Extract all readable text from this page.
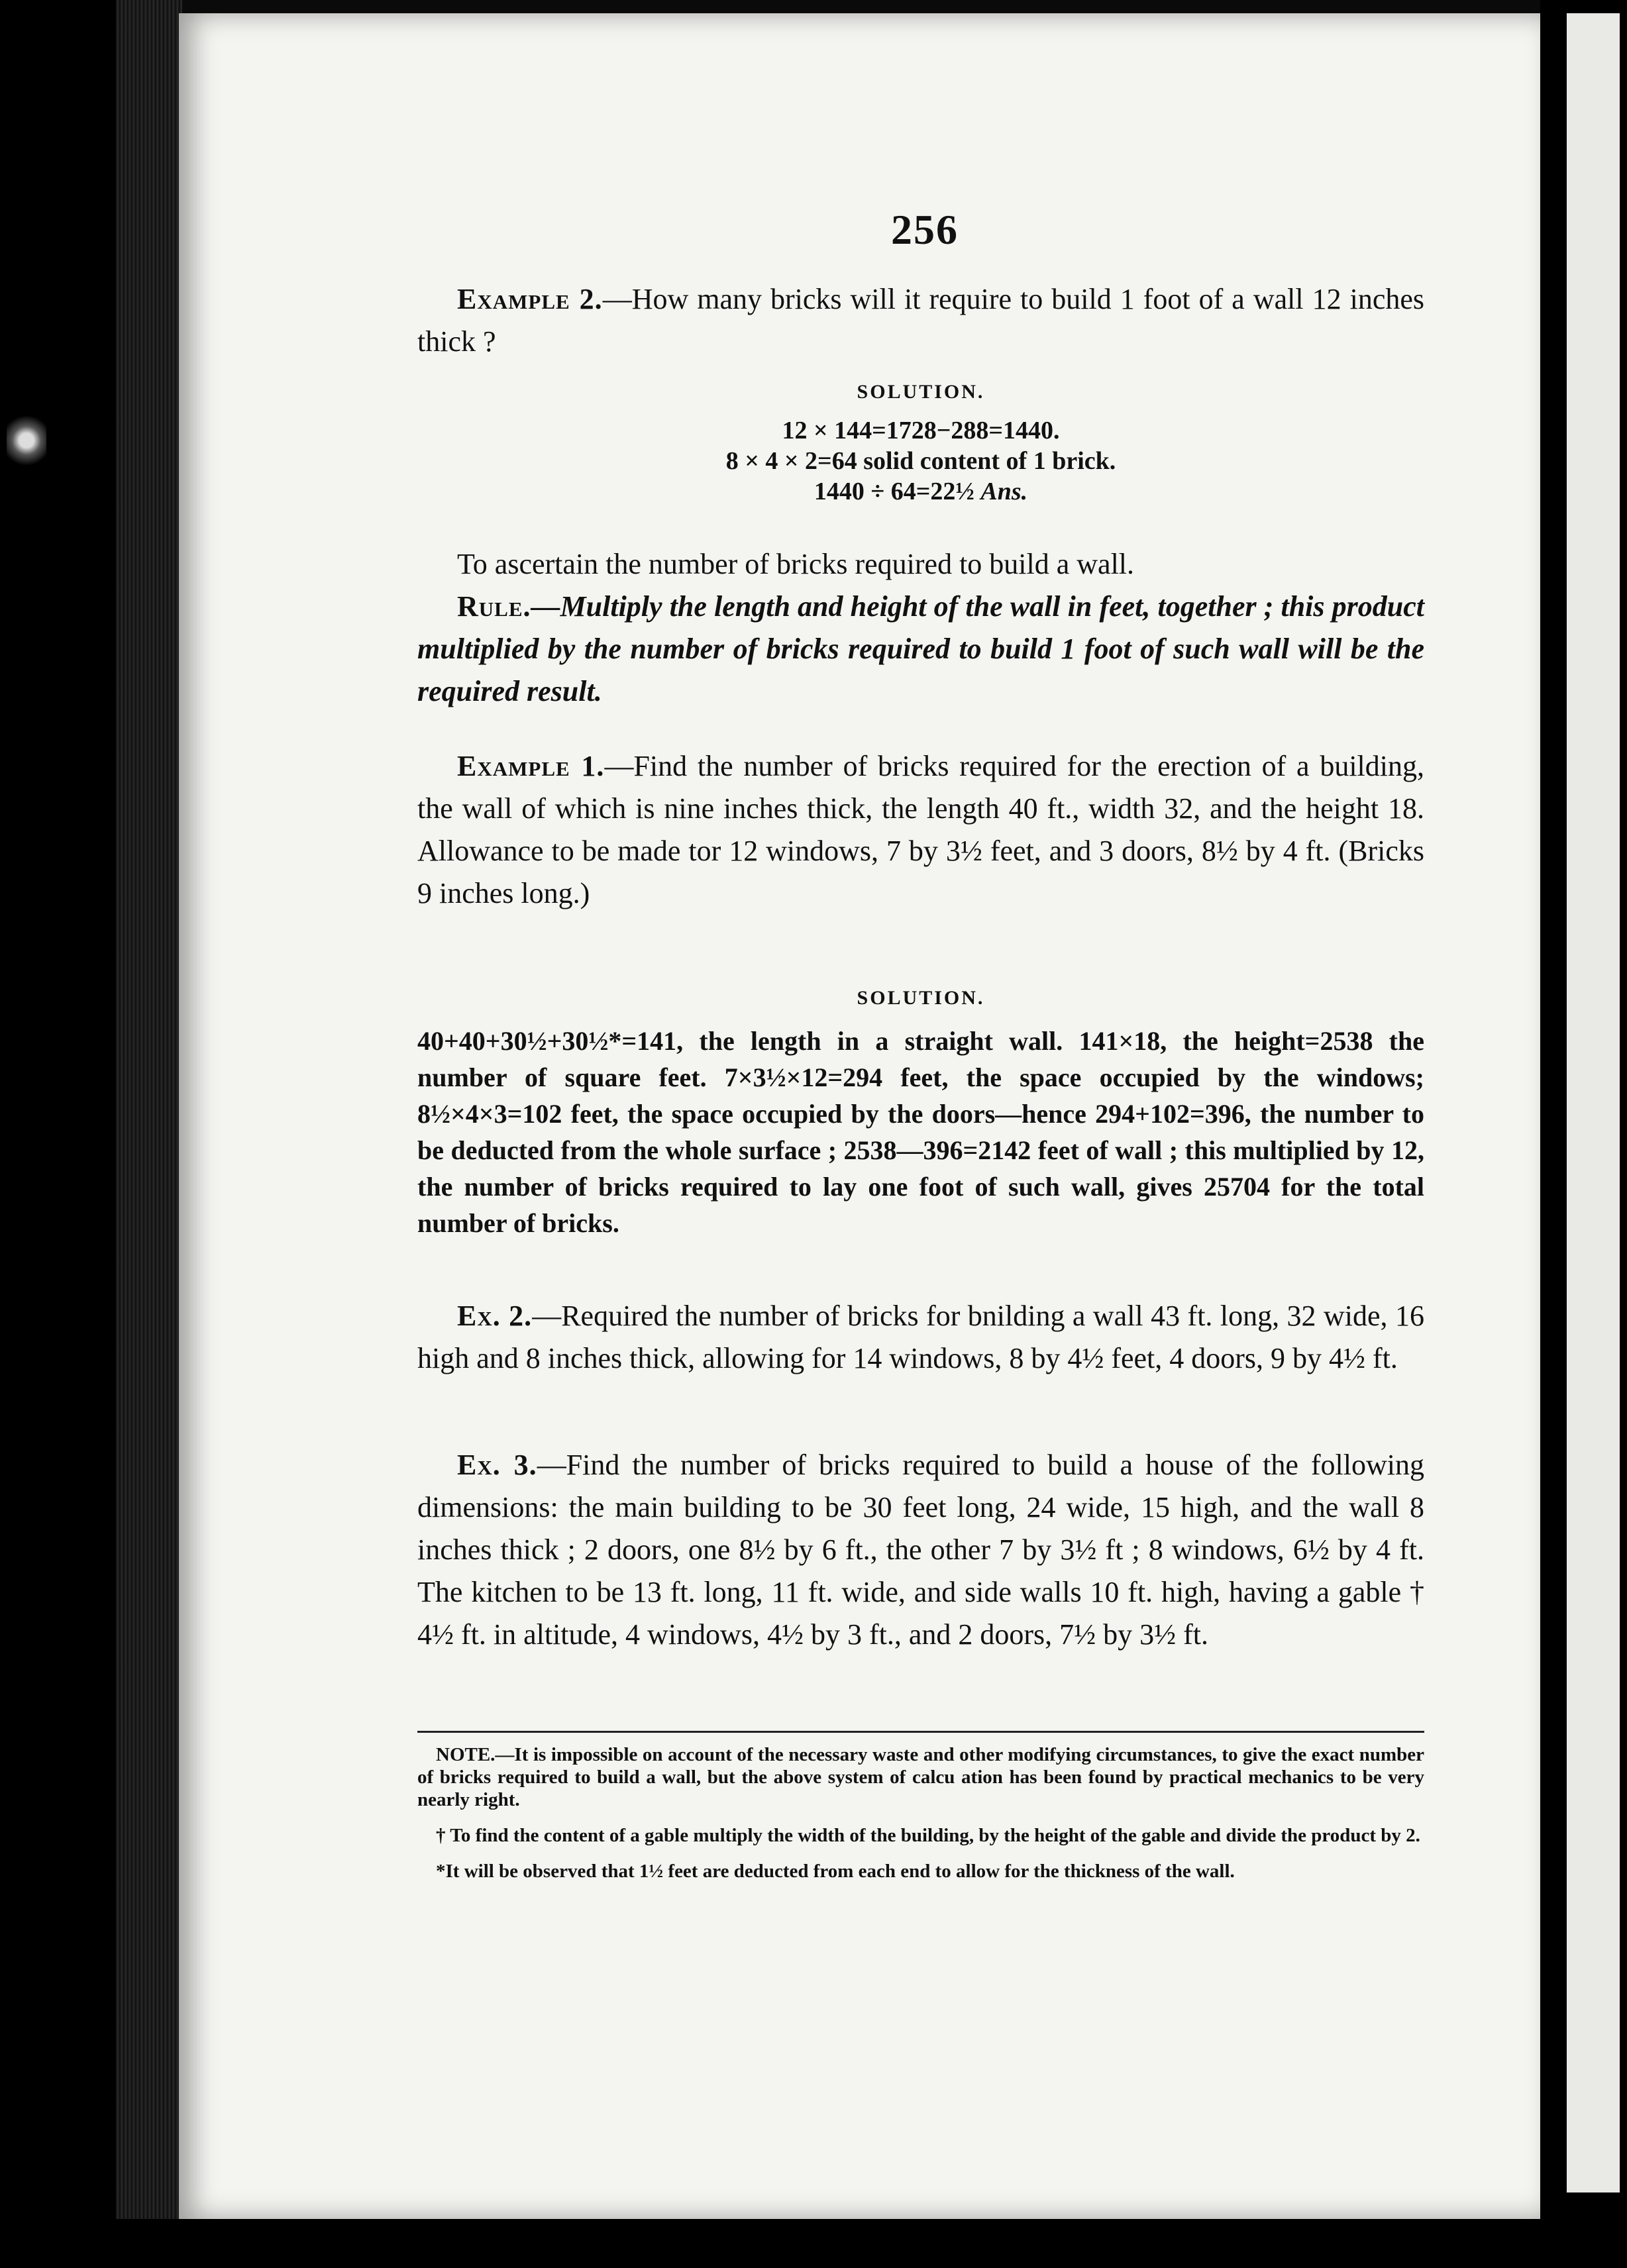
256

Example 2.—How many bricks will it require to build 1 foot of a wall 12 inches thick ?

SOLUTION.
12 × 144=1728−288=1440.
8 × 4 × 2=64 solid content of 1 brick.
1440 ÷ 64=22½ Ans.

To ascertain the number of bricks required to build a wall.

Rule.—Multiply the length and height of the wall in feet, together ; this product multiplied by the number of bricks required to build 1 foot of such wall will be the required result.

Example 1.—Find the number of bricks required for the erection of a building, the wall of which is nine inches thick, the length 40 ft., width 32, and the height 18. Allowance to be made tor 12 windows, 7 by 3½ feet, and 3 doors, 8½ by 4 ft. (Bricks 9 inches long.)

SOLUTION.

40+40+30½+30½*=141, the length in a straight wall. 141×18, the height=2538 the number of square feet. 7×3½×12=294 feet, the space occupied by the windows; 8½×4×3=102 feet, the space occupied by the doors—hence 294+102=396, the number to be deducted from the whole surface ; 2538—396=2142 feet of wall ; this multiplied by 12, the number of bricks required to lay one foot of such wall, gives 25704 for the total number of bricks.

Ex. 2.—Required the number of bricks for bnilding a wall 43 ft. long, 32 wide, 16 high and 8 inches thick, allowing for 14 windows, 8 by 4½ feet, 4 doors, 9 by 4½ ft.

Ex. 3.—Find the number of bricks required to build a house of the following dimensions: the main building to be 30 feet long, 24 wide, 15 high, and the wall 8 inches thick ; 2 doors, one 8½ by 6 ft., the other 7 by 3½ ft ; 8 windows, 6½ by 4 ft. The kitchen to be 13 ft. long, 11 ft. wide, and side walls 10 ft. high, having a gable † 4½ ft. in altitude, 4 windows, 4½ by 3 ft., and 2 doors, 7½ by 3½ ft.

NOTE.—It is impossible on account of the necessary waste and other modifying circumstances, to give the exact number of bricks required to build a wall, but the above system of calcu ation has been found by practical mechanics to be very nearly right.

† To find the content of a gable multiply the width of the building, by the height of the gable and divide the product by 2.

*It will be observed that 1½ feet are deducted from each end to allow for the thickness of the wall.
